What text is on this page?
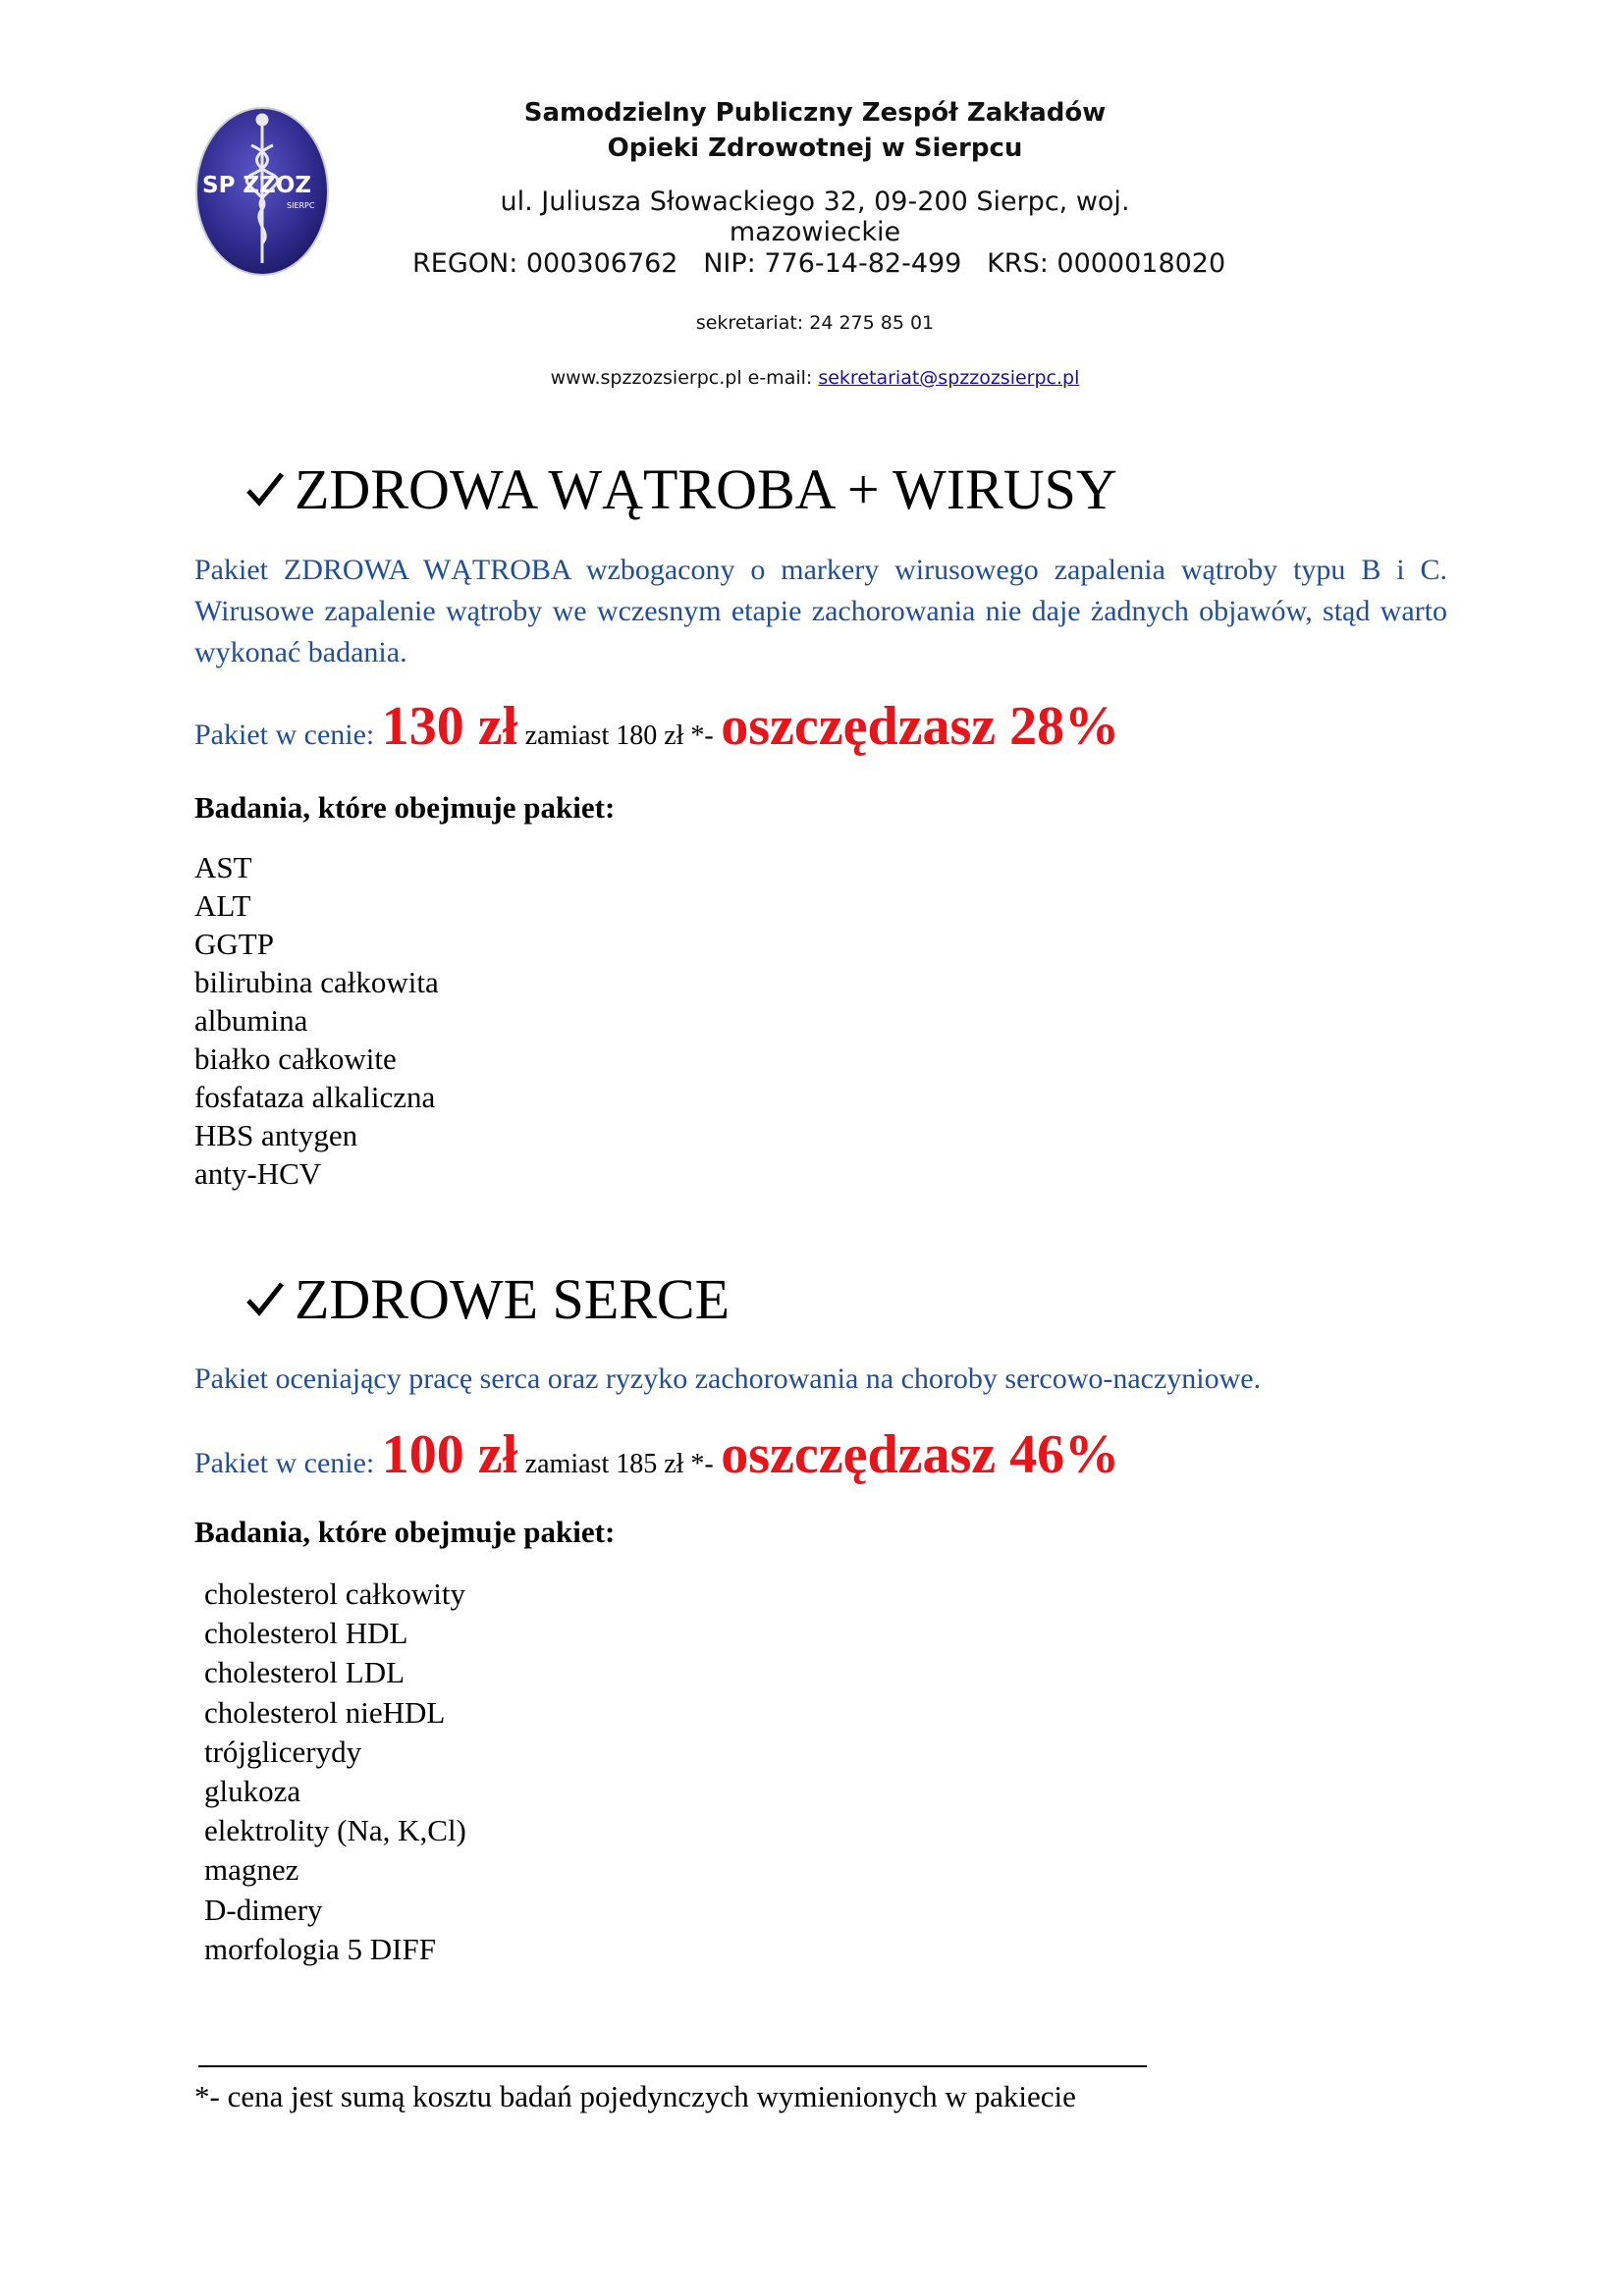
SP ZZOZ
SIERPC
Samodzielny Publiczny Zespół Zakładów
Opieki Zdrowotnej w Sierpcu
ul. Juliusza Słowackiego 32, 09-200 Sierpc, woj. mazowieckie
REGON: 000306762   NIP: 776-14-82-499   KRS: 0000018020
sekretariat: 24 275 85 01
www.spzzozsierpc.pl e-mail: sekretariat@spzzozsierpc.pl
ZDROWA WĄTROBA + WIRUSY
Pakiet ZDROWA WĄTROBA wzbogacony o markery wirusowego zapalenia wątroby typu B i C. Wirusowe zapalenie wątroby we wczesnym etapie zachorowania nie daje żadnych objawów, stąd warto wykonać badania.
Pakiet w cenie: 130 zł zamiast 180 zł *- oszczędzasz 28%
Badania, które obejmuje pakiet:
AST
ALT
GGTP
bilirubina całkowita
albumina
białko całkowite
fosfataza alkaliczna
HBS antygen
anty-HCV
ZDROWE SERCE
Pakiet oceniający pracę serca oraz ryzyko zachorowania na choroby sercowo-naczyniowe.
Pakiet w cenie: 100 zł zamiast 185 zł *- oszczędzasz 46%
Badania, które obejmuje pakiet:
cholesterol całkowity
cholesterol HDL
cholesterol LDL
cholesterol nieHDL
trójglicerydy
glukoza
elektrolity (Na, K,Cl)
magnez
D-dimery
morfologia 5 DIFF
*- cena jest sumą kosztu badań pojedynczych wymienionych w pakiecie
